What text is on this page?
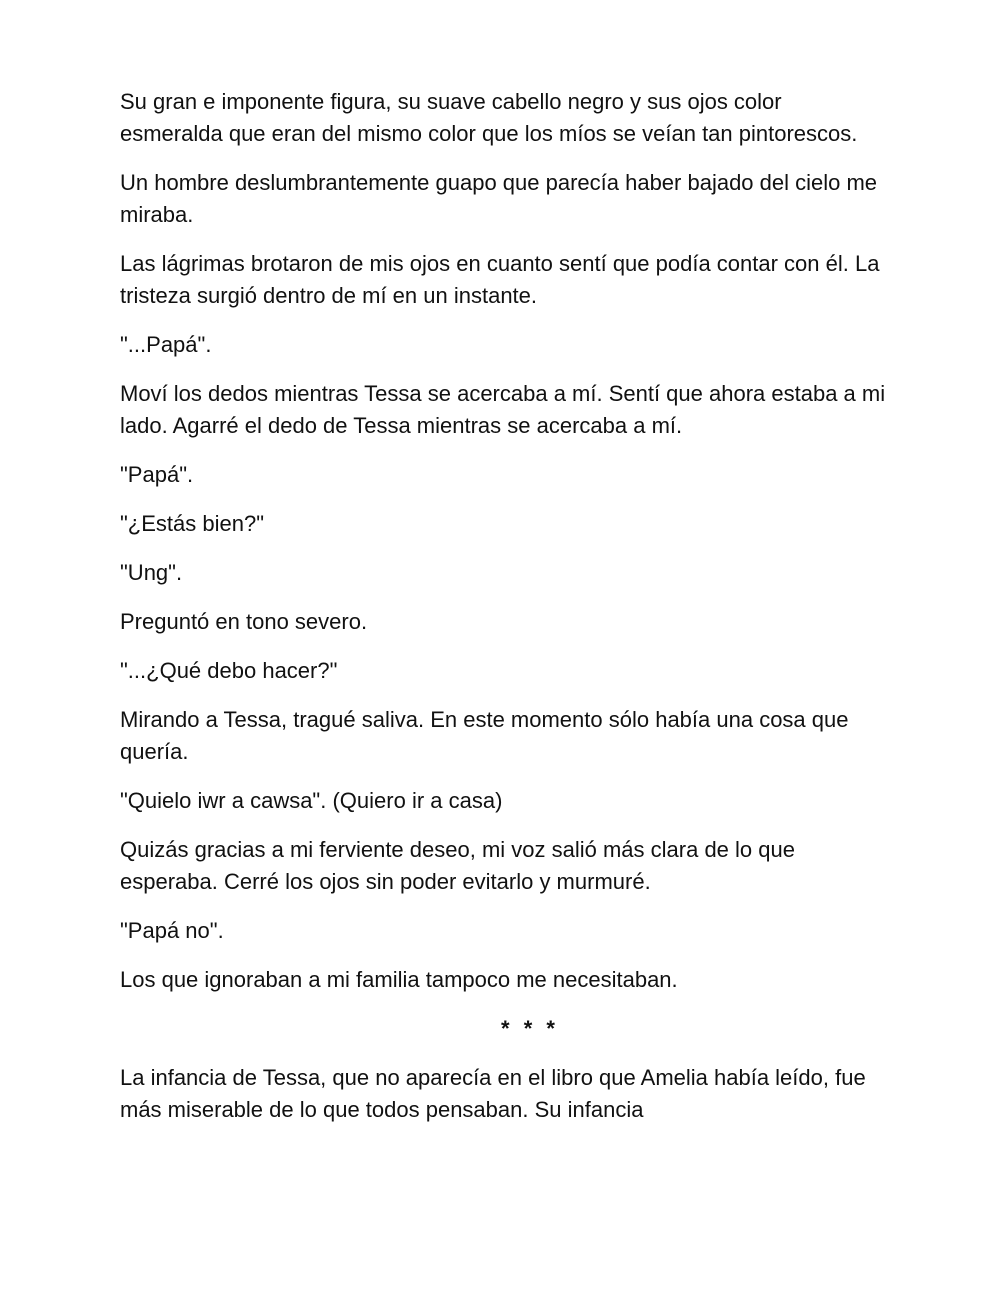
Su gran e imponente figura, su suave cabello negro y sus ojos color esmeralda que eran del mismo color que los míos se veían tan pintorescos.

Un hombre deslumbrantemente guapo que parecía haber bajado del cielo me miraba.

Las lágrimas brotaron de mis ojos en cuanto sentí que podía contar con él. La tristeza surgió dentro de mí en un instante.

"...Papá".

Moví los dedos mientras Tessa se acercaba a mí. Sentí que ahora estaba a mi lado. Agarré el dedo de Tessa mientras se acercaba a mí.

"Papá".

"¿Estás bien?"

"Ung".

Preguntó en tono severo.

"...¿Qué debo hacer?"

Mirando a Tessa, tragué saliva. En este momento sólo había una cosa que quería.

"Quielo iwr a cawsa". (Quiero ir a casa)

Quizás gracias a mi ferviente deseo, mi voz salió más clara de lo que esperaba. Cerré los ojos sin poder evitarlo y murmuré.

"Papá no".

Los que ignoraban a mi familia tampoco me necesitaban.

* * *

La infancia de Tessa, que no aparecía en el libro que Amelia había leído, fue más miserable de lo que todos pensaban. Su infancia
